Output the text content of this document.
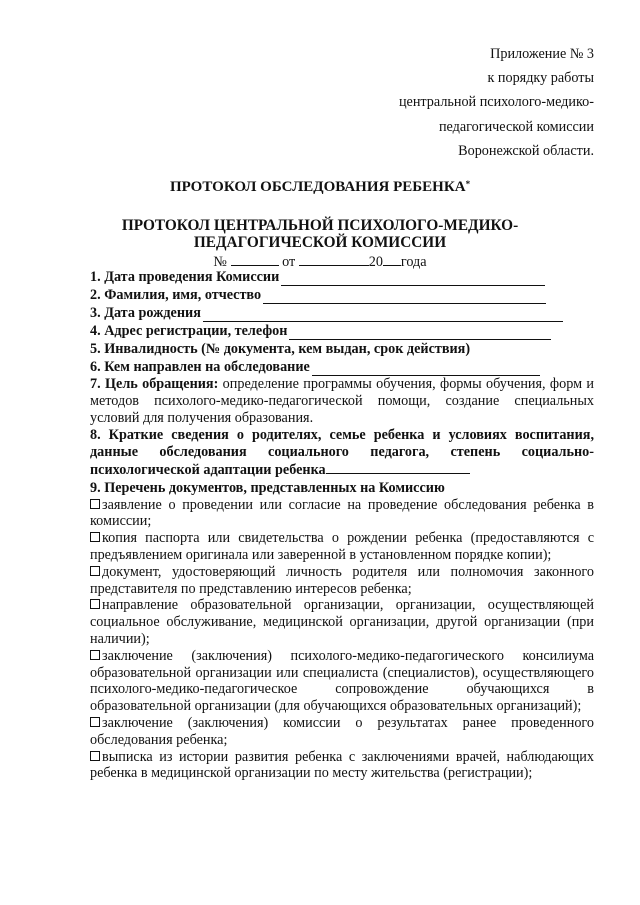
Приложение № 3
к порядку работы
центральной психолого-медико-
педагогической комиссии
Воронежской области.
ПРОТОКОЛ ОБСЛЕДОВАНИЯ РЕБЕНКА*
ПРОТОКОЛ ЦЕНТРАЛЬНОЙ ПСИХОЛОГО-МЕДИКО-
ПЕДАГОГИЧЕСКОЙ КОМИССИИ
№	от	20 года
1. Дата проведения Комиссии
2. Фамилия, имя, отчество
3. Дата рождения
4. Адрес регистрации, телефон
5. Инвалидность (№ документа, кем выдан, срок действия)
6. Кем направлен на обследование
7. Цель обращения: определение программы обучения, формы обучения, форм и методов психолого-медико-педагогической помощи, создание специальных условий для получения образования.
8. Краткие сведения о родителях, семье ребенка и условиях воспитания, данные обследования социального педагога, степень социально-психологической адаптации ребенка
9. Перечень документов, представленных на Комиссию

заявление о проведении или согласие на проведение обследования ребенка в комиссии;

копия паспорта или свидетельства о рождении ребенка (предоставляются с предъявлением оригинала или заверенной в установленном порядке копии);

документ, удостоверяющий личность родителя или полномочия законного представителя по представлению интересов ребенка;

направление образовательной организации, организации, осуществляющей социальное обслуживание, медицинской организации, другой организации (при наличии);

заключение (заключения) психолого-медико-педагогического консилиума образовательной организации или специалиста (специалистов), осуществляющего психолого-медико-педагогическое сопровождение обучающихся в образовательной организации (для обучающихся образовательных организаций);

заключение (заключения) комиссии о результатах ранее проведенного обследования ребенка;

выписка из истории развития ребенка с заключениями врачей, наблюдающих ребенка в медицинской организации по месту жительства (регистрации);
